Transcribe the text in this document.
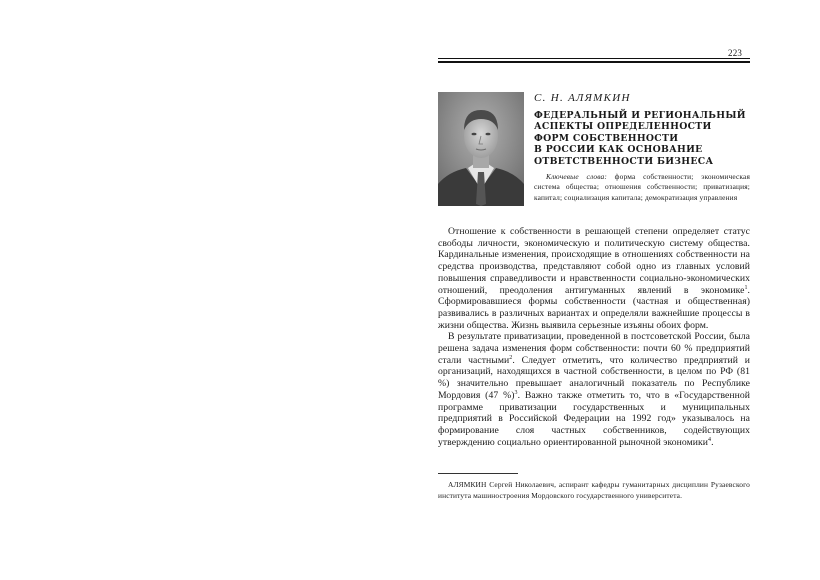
223
С. Н. АЛЯМКИН
ФЕДЕРАЛЬНЫЙ И РЕГИОНАЛЬНЫЙ
АСПЕКТЫ ОПРЕДЕЛЕННОСТИ
ФОРМ СОБСТВЕННОСТИ
В РОССИИ КАК ОСНОВАНИЕ
ОТВЕТСТВЕННОСТИ БИЗНЕСА
Ключевые слова: форма собственности; экономическая система общества; отношения собственности; приватизация; капитал; социализация капитала; демократизация управления

Отношение к собственности в решающей степени определяет статус свободы личности, экономическую и политическую систему общества. Кардинальные изменения, происходящие в отношениях собственности на средства производства, представляют собой одно из главных условий повышения справедливости и нравственности социально-экономических отношений, преодоления антигуманных явлений в экономике$^1$. Сформировавшиеся формы собственности (частная и общественная) развивались в различных вариантах и определяли важнейшие процессы в жизни общества. Жизнь выявила серьезные изъяны обоих форм.

В результате приватизации, проведенной в постсоветской России, была решена задача изменения форм собственности: почти 60 % предприятий стали частными$^2$. Следует отметить, что количество предприятий и организаций, находящихся в частной собственности, в целом по РФ (81 %) значительно превышает аналогичный показатель по Республике Мордовия (47 %)$^3$. Важно также отметить то, что в «Государственной программе приватизации государственных и муниципальных предприятий в Российской Федерации на 1992 год» указывалось на формирование слоя частных собственников, содействующих утверждению социально ориентированной рыночной экономики$^4$.

АЛЯМКИН Сергей Николаевич, аспирант кафедры гуманитарных дисциплин Рузаевского института машиностроения Мордовского государственного университета.
